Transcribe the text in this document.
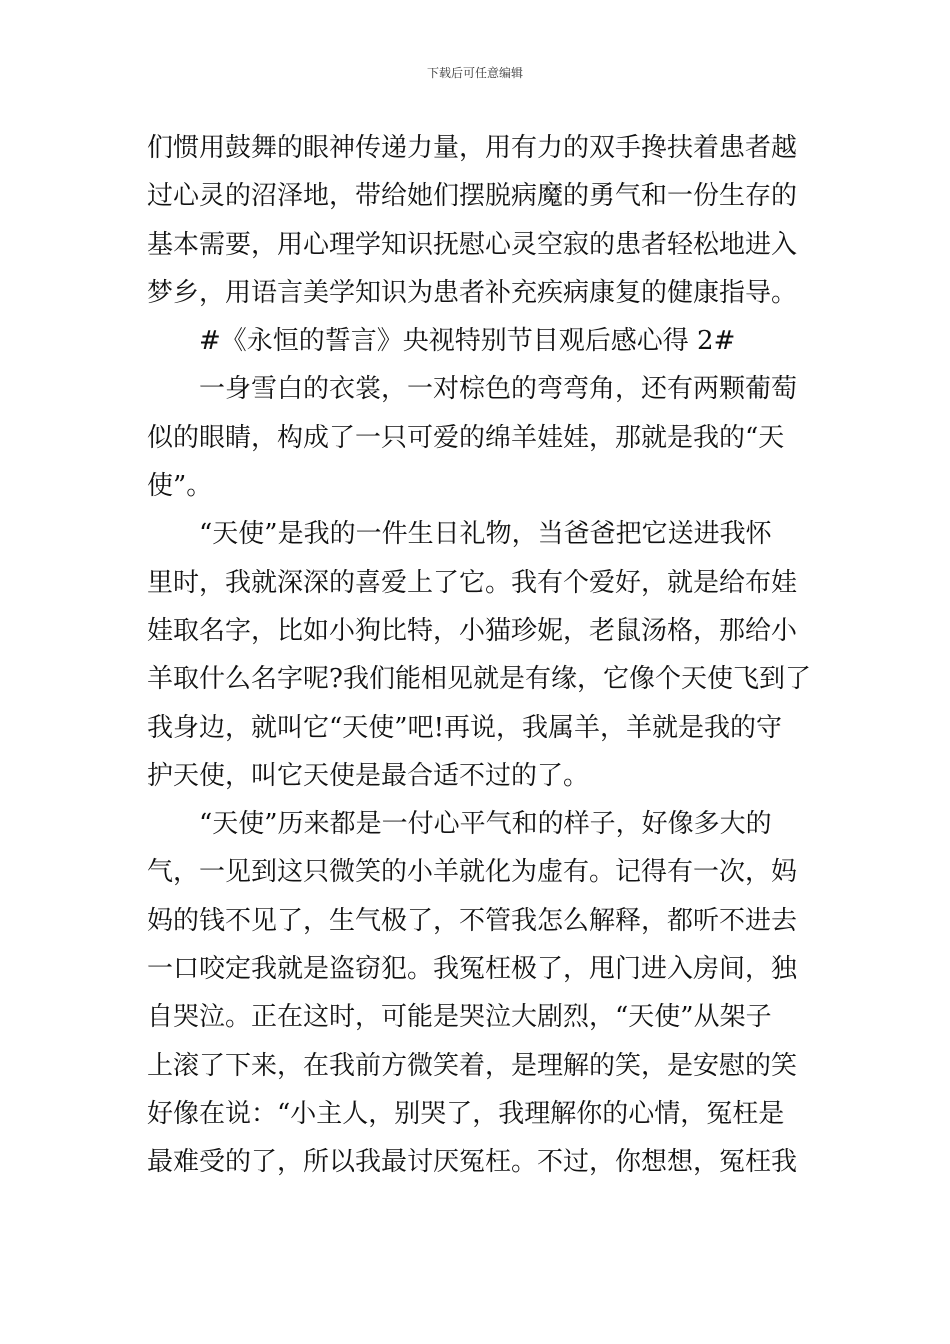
下载后可任意编辑
们惯用鼓舞的眼神传递力量，用有力的双手搀扶着患者越
过心灵的沼泽地，带给她们摆脱病魔的勇气和一份生存的
基本需要，用心理学知识抚慰心灵空寂的患者轻松地进入
梦乡，用语言美学知识为患者补充疾病康复的健康指导。
#《永恒的誓言》央视特别节目观后感心得 2#
一身雪白的衣裳，一对棕色的弯弯角，还有两颗葡萄
似的眼睛，构成了一只可爱的绵羊娃娃，那就是我的“天
使”。
“天使”是我的一件生日礼物，当爸爸把它送进我怀
里时，我就深深的喜爱上了它。我有个爱好，就是给布娃
娃取名字，比如小狗比特，小猫珍妮，老鼠汤格，那给小
羊取什么名字呢?我们能相见就是有缘，它像个天使飞到了
我身边，就叫它“天使”吧!再说，我属羊，羊就是我的守
护天使，叫它天使是最合适不过的了。
“天使”历来都是一付心平气和的样子，好像多大的
气，一见到这只微笑的小羊就化为虚有。记得有一次，妈
妈的钱不见了，生气极了，不管我怎么解释，都听不进去
一口咬定我就是盗窃犯。我冤枉极了，甩门进入房间，独
自哭泣。正在这时，可能是哭泣大剧烈，“天使”从架子
上滚了下来，在我前方微笑着，是理解的笑，是安慰的笑
好像在说：“小主人，别哭了，我理解你的心情，冤枉是
最难受的了，所以我最讨厌冤枉。不过，你想想，冤枉我
